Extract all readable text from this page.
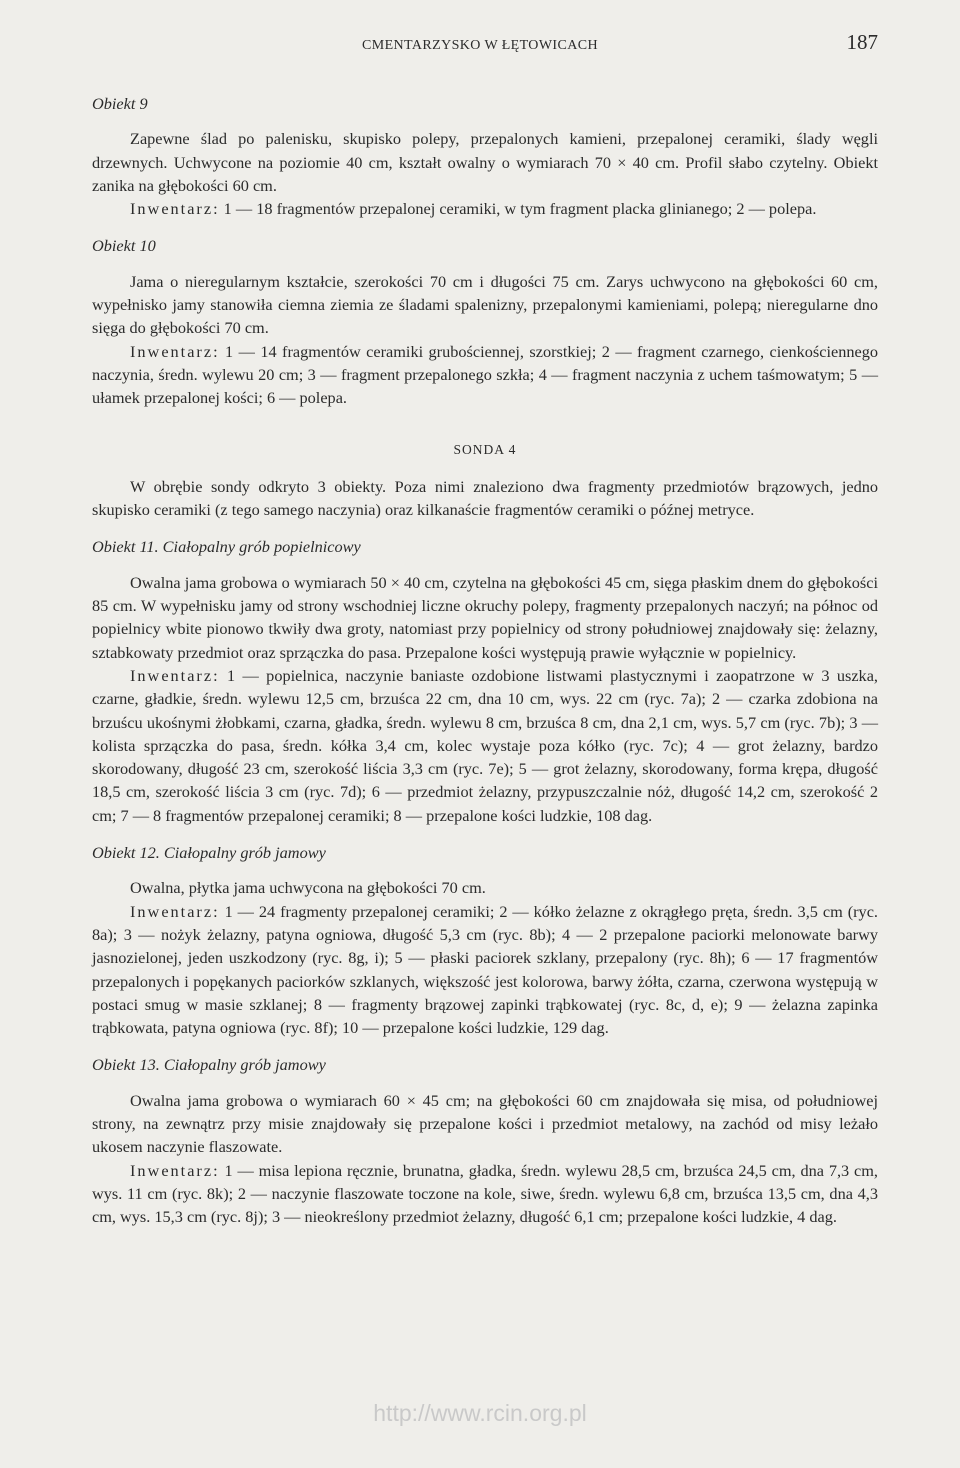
CMENTARZYSKO W ŁĘTOWICACH	187

Obiekt 9

Zapewne ślad po palenisku, skupisko polepy, przepalonych kamieni, przepalonej ceramiki, ślady węgli drzewnych. Uchwycone na poziomie 40 cm, kształt owalny o wymiarach 70 × 40 cm. Profil słabo czytelny. Obiekt zanika na głębokości 60 cm.

Inwentarz: 1 — 18 fragmentów przepalonej ceramiki, w tym fragment placka glinianego; 2 — polepa.

Obiekt 10

Jama o nieregularnym kształcie, szerokości 70 cm i długości 75 cm. Zarys uchwycono na głębokości 60 cm, wypełnisko jamy stanowiła ciemna ziemia ze śladami spalenizny, przepalonymi kamieniami, polepą; nieregularne dno sięga do głębokości 70 cm.

Inwentarz: 1 — 14 fragmentów ceramiki grubościennej, szorstkiej; 2 — fragment czarnego, cienkościennego naczynia, średn. wylewu 20 cm; 3 — fragment przepalonego szkła; 4 — fragment naczynia z uchem taśmowatym; 5 — ułamek przepalonej kości; 6 — polepa.

SONDA 4

W obrębie sondy odkryto 3 obiekty. Poza nimi znaleziono dwa fragmenty przedmiotów brązowych, jedno skupisko ceramiki (z tego samego naczynia) oraz kilkanaście fragmentów ceramiki o późnej metryce.

Obiekt 11. Ciałopalny grób popielnicowy

Owalna jama grobowa o wymiarach 50 × 40 cm, czytelna na głębokości 45 cm, sięga płaskim dnem do głębokości 85 cm. W wypełnisku jamy od strony wschodniej liczne okruchy polepy, fragmenty przepalonych naczyń; na północ od popielnicy wbite pionowo tkwiły dwa groty, natomiast przy popielnicy od strony południowej znajdowały się: żelazny, sztabkowaty przedmiot oraz sprzączka do pasa. Przepalone kości występują prawie wyłącznie w popielnicy.

Inwentarz: 1 — popielnica, naczynie baniaste ozdobione listwami plastycznymi i zaopatrzone w 3 uszka, czarne, gładkie, średn. wylewu 12,5 cm, brzuśca 22 cm, dna 10 cm, wys. 22 cm (ryc. 7a); 2 — czarka zdobiona na brzuścu ukośnymi żłobkami, czarna, gładka, średn. wylewu 8 cm, brzuśca 8 cm, dna 2,1 cm, wys. 5,7 cm (ryc. 7b); 3 — kolista sprzączka do pasa, średn. kółka 3,4 cm, kolec wystaje poza kółko (ryc. 7c); 4 — grot żelazny, bardzo skorodowany, długość 23 cm, szerokość liścia 3,3 cm (ryc. 7e); 5 — grot żelazny, skorodowany, forma krępa, długość 18,5 cm, szerokość liścia 3 cm (ryc. 7d); 6 — przedmiot żelazny, przypuszczalnie nóż, długość 14,2 cm, szerokość 2 cm; 7 — 8 fragmentów przepalonej ceramiki; 8 — przepalone kości ludzkie, 108 dag.

Obiekt 12. Ciałopalny grób jamowy

Owalna, płytka jama uchwycona na głębokości 70 cm.

Inwentarz: 1 — 24 fragmenty przepalonej ceramiki; 2 — kółko żelazne z okrągłego pręta, średn. 3,5 cm (ryc. 8a); 3 — nożyk żelazny, patyna ogniowa, długość 5,3 cm (ryc. 8b); 4 — 2 przepalone paciorki melonowate barwy jasnozielonej, jeden uszkodzony (ryc. 8g, i); 5 — płaski paciorek szklany, przepalony (ryc. 8h); 6 — 17 fragmentów przepalonych i popękanych paciorków szklanych, większość jest kolorowa, barwy żółta, czarna, czerwona występują w postaci smug w masie szklanej; 8 — fragmenty brązowej zapinki trąbkowatej (ryc. 8c, d, e); 9 — żelazna zapinka trąbkowata, patyna ogniowa (ryc. 8f); 10 — przepalone kości ludzkie, 129 dag.

Obiekt 13. Ciałopalny grób jamowy

Owalna jama grobowa o wymiarach 60 × 45 cm; na głębokości 60 cm znajdowała się misa, od południowej strony, na zewnątrz przy misie znajdowały się przepalone kości i przedmiot metalowy, na zachód od misy leżało ukosem naczynie flaszowate.

Inwentarz: 1 — misa lepiona ręcznie, brunatna, gładka, średn. wylewu 28,5 cm, brzuśca 24,5 cm, dna 7,3 cm, wys. 11 cm (ryc. 8k); 2 — naczynie flaszowate toczone na kole, siwe, średn. wylewu 6,8 cm, brzuśca 13,5 cm, dna 4,3 cm, wys. 15,3 cm (ryc. 8j); 3 — nieokreślony przedmiot żelazny, długość 6,1 cm; przepalone kości ludzkie, 4 dag.

http://www.rcin.org.pl
